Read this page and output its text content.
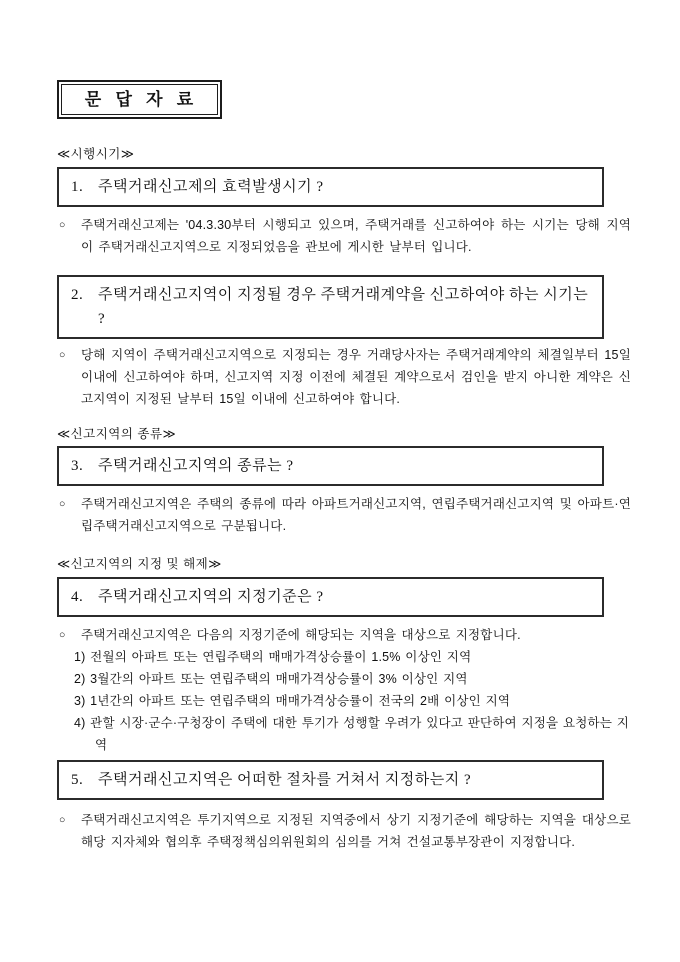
문 답 자 료
≪시행시기≫
1. 주택거래신고제의 효력발생시기 ?
○	주택거래신고제는 '04.3.30부터 시행되고 있으며, 주택거래를 신고하여야 하는 시기는 당해 지역이 주택거래신고지역으로 지정되었음을 관보에 게시한 날부터 입니다.
2. 주택거래신고지역이 지정될 경우 주택거래계약을 신고하여야 하는 시기는 ?
○	당해 지역이 주택거래신고지역으로 지정되는 경우 거래당사자는 주택거래계약의 체결일부터 15일 이내에 신고하여야 하며, 신고지역 지정 이전에 체결된 계약으로서 검인을 받지 아니한 계약은 신고지역이 지정된 날부터 15일 이내에 신고하여야 합니다.
≪신고지역의 종류≫
3. 주택거래신고지역의 종류는 ?
○	주택거래신고지역은 주택의 종류에 따라 아파트거래신고지역, 연립주택거래신고지역 및 아파트·연립주택거래신고지역으로 구분됩니다.
≪신고지역의 지정 및 해제≫
4. 주택거래신고지역의 지정기준은 ?
○	주택거래신고지역은 다음의 지정기준에 해당되는 지역을 대상으로 지정합니다.
1) 전월의 아파트 또는 연립주택의 매매가격상승률이 1.5% 이상인 지역
2) 3월간의 아파트 또는 연립주택의 매매가격상승률이 3% 이상인 지역
3) 1년간의 아파트 또는 연립주택의 매매가격상승률이 전국의 2배 이상인 지역
4) 관할 시장·군수·구청장이 주택에 대한 투기가 성행할 우려가 있다고 판단하여 지정을 요청하는 지역
5. 주택거래신고지역은 어떠한 절차를 거쳐서 지정하는지 ?
○	주택거래신고지역은 투기지역으로 지정된 지역중에서 상기 지정기준에 해당하는 지역을 대상으로 해당 지자체와 협의후 주택정책심의위원회의 심의를 거쳐 건설교통부장관이 지정합니다.
